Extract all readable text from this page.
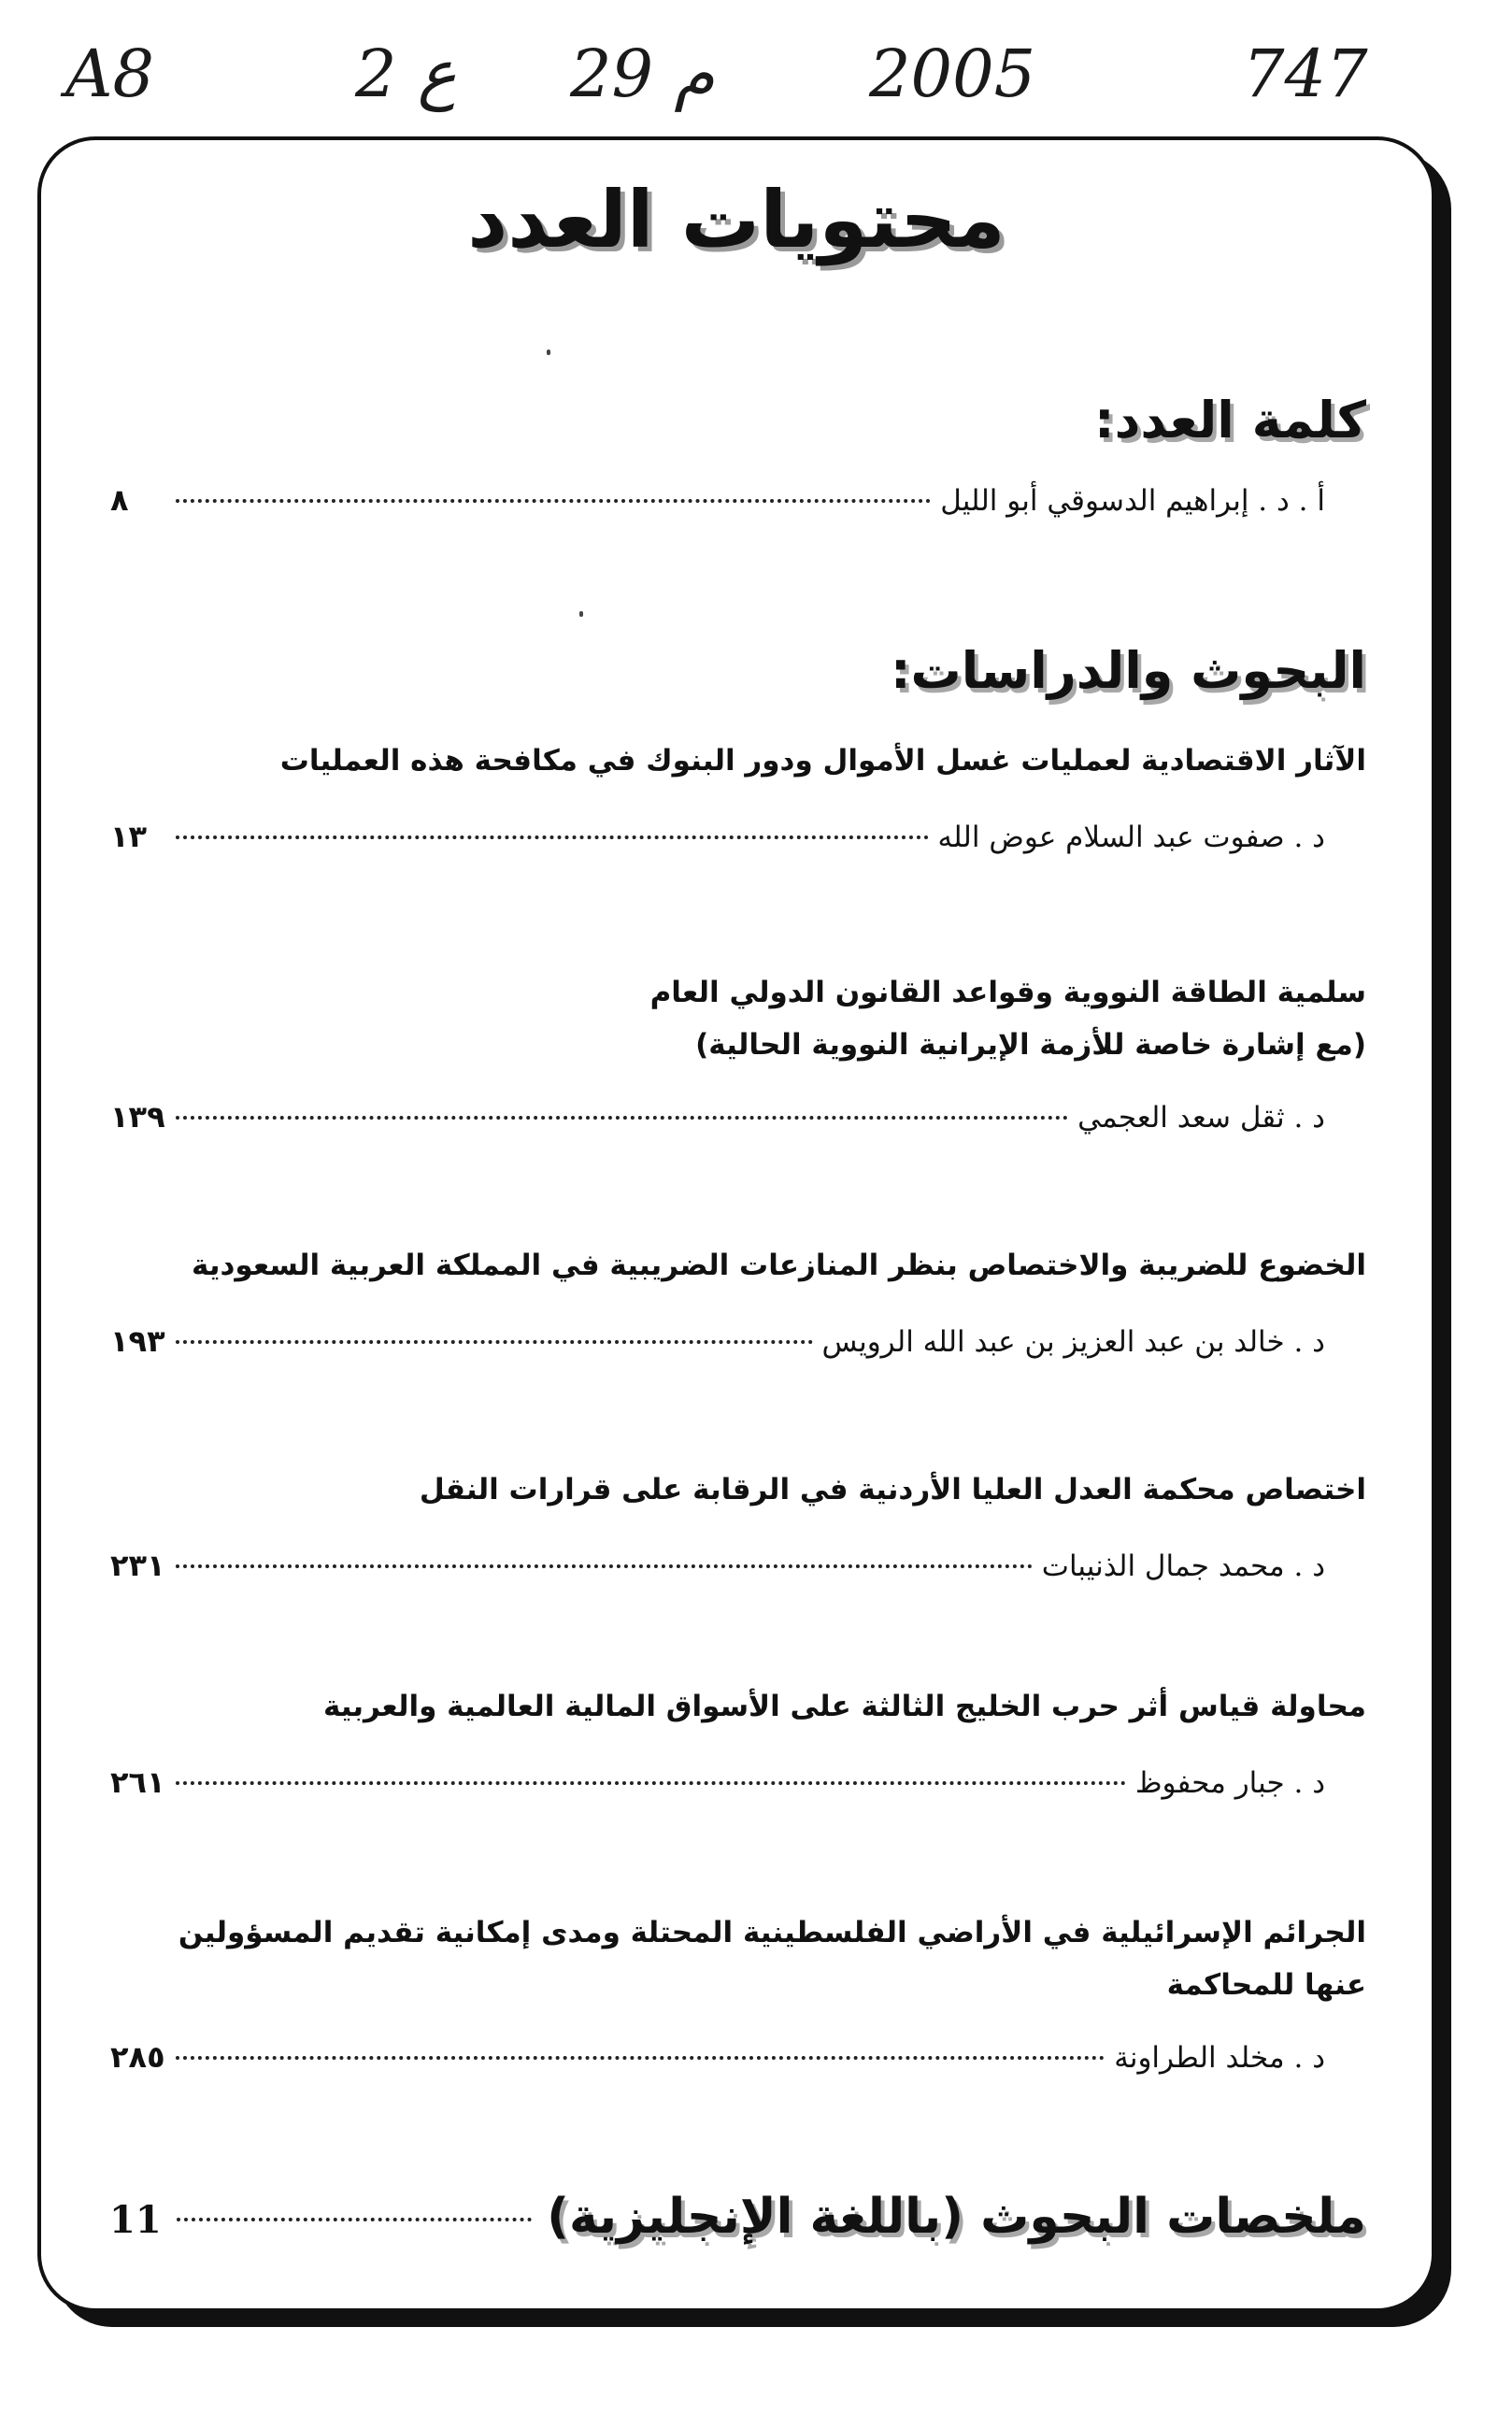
A8	2 ع 29 م 2005	747
محتويات العدد
كلمة العدد:
أ . د . إبراهيم الدسوقي أبو الليل
٨
البحوث والدراسات:
الآثار الاقتصادية لعمليات غسل الأموال ودور البنوك في مكافحة هذه العمليات
د . صفوت عبد السلام عوض الله
١٣
سلمية الطاقة النووية وقواعد القانون الدولي العام
(مع إشارة خاصة للأزمة الإيرانية النووية الحالية)
د . ثقل سعد العجمي
١٣٩
الخضوع للضريبة والاختصاص بنظر المنازعات الضريبية في المملكة العربية السعودية
د . خالد بن عبد العزيز بن عبد الله الرويس
١٩٣
اختصاص محكمة العدل العليا الأردنية في الرقابة على قرارات النقل
د . محمد جمال الذنيبات
٢٣١
محاولة قياس أثر حرب الخليج الثالثة على الأسواق المالية العالمية والعربية
د . جبار محفوظ
٢٦١
الجرائم الإسرائيلية في الأراضي الفلسطينية المحتلة ومدى إمكانية تقديم المسؤولين
عنها للمحاكمة
د . مخلد الطراونة
٢٨٥
ملخصات البحوث (باللغة الإنجليزية)
11
